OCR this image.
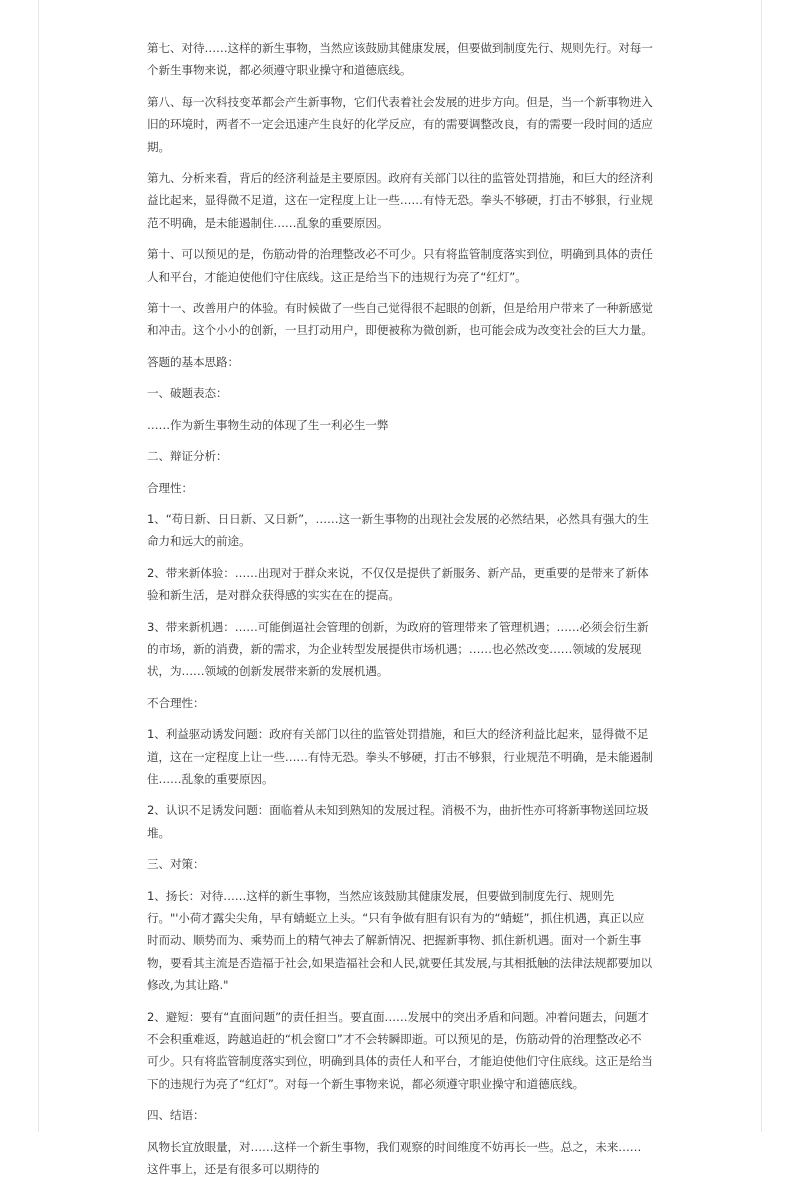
第七、对待……这样的新生事物，当然应该鼓励其健康发展，但要做到制度先行、规则先行。对每一个新生事物来说，都必须遵守职业操守和道德底线。

第八、每一次科技变革都会产生新事物，它们代表着社会发展的进步方向。但是，当一个新事物进入旧的环境时，两者不一定会迅速产生良好的化学反应，有的需要调整改良，有的需要一段时间的适应期。

第九、分析来看，背后的经济利益是主要原因。政府有关部门以往的监管处罚措施，和巨大的经济利益比起来，显得微不足道，这在一定程度上让一些……有恃无恐。拳头不够硬，打击不够狠，行业规范不明确，是未能遏制住……乱象的重要原因。

第十、可以预见的是，伤筋动骨的治理整改必不可少。只有将监管制度落实到位，明确到具体的责任人和平台，才能迫使他们守住底线。这正是给当下的违规行为亮了“红灯”。

第十一、改善用户的体验。有时候做了一些自己觉得很不起眼的创新，但是给用户带来了一种新感觉和冲击。这个小小的创新，一旦打动用户，即便被称为微创新，也可能会成为改变社会的巨大力量。

答题的基本思路：

一、破题表态：

……作为新生事物生动的体现了生一利必生一弊

二、辩证分析：

合理性：

1、“苟日新、日日新、又日新”，……这一新生事物的出现社会发展的必然结果，必然具有强大的生命力和远大的前途。

2、带来新体验：……出现对于群众来说，不仅仅是提供了新服务、新产品，更重要的是带来了新体验和新生活，是对群众获得感的实实在在的提高。

3、带来新机遇：……可能倒逼社会管理的创新，为政府的管理带来了管理机遇；……必须会衍生新的市场，新的消费，新的需求，为企业转型发展提供市场机遇；……也必然改变……领域的发展现状，为……领域的创新发展带来新的发展机遇。

不合理性：

1、利益驱动诱发问题：政府有关部门以往的监管处罚措施，和巨大的经济利益比起来，显得微不足道，这在一定程度上让一些……有恃无恐。拳头不够硬，打击不够狠，行业规范不明确，是未能遏制住……乱象的重要原因。

2、认识不足诱发问题：面临着从未知到熟知的发展过程。消极不为，曲折性亦可将新事物送回垃圾堆。

三、对策：

1、扬长：对待……这样的新生事物，当然应该鼓励其健康发展，但要做到制度先行、规则先
行。"'小荷才露尖尖角，早有蜻蜓立上头。“只有争做有胆有识有为的“蜻蜓”，抓住机遇，真正以应时而动、顺势而为、乘势而上的精气神去了解新情况、把握新事物、抓住新机遇。面对一个新生事物，要看其主流是否造福于社会,如果造福社会和人民,就要任其发展,与其相抵触的法律法规都要加以修改,为其让路."

2、避短：要有“直面问题”的责任担当。要直面……发展中的突出矛盾和问题。冲着问题去，问题才不会积重难返，跨越追赶的“机会窗口”才不会转瞬即逝。可以预见的是，伤筋动骨的治理整改必不可少。只有将监管制度落实到位，明确到具体的责任人和平台，才能迫使他们守住底线。这正是给当下的违规行为亮了“红灯”。对每一个新生事物来说，都必须遵守职业操守和道德底线。

四、结语：

风物长宜放眼量，对……这样一个新生事物，我们观察的时间维度不妨再长一些。总之，未来……
这件事上，还是有很多可以期待的
